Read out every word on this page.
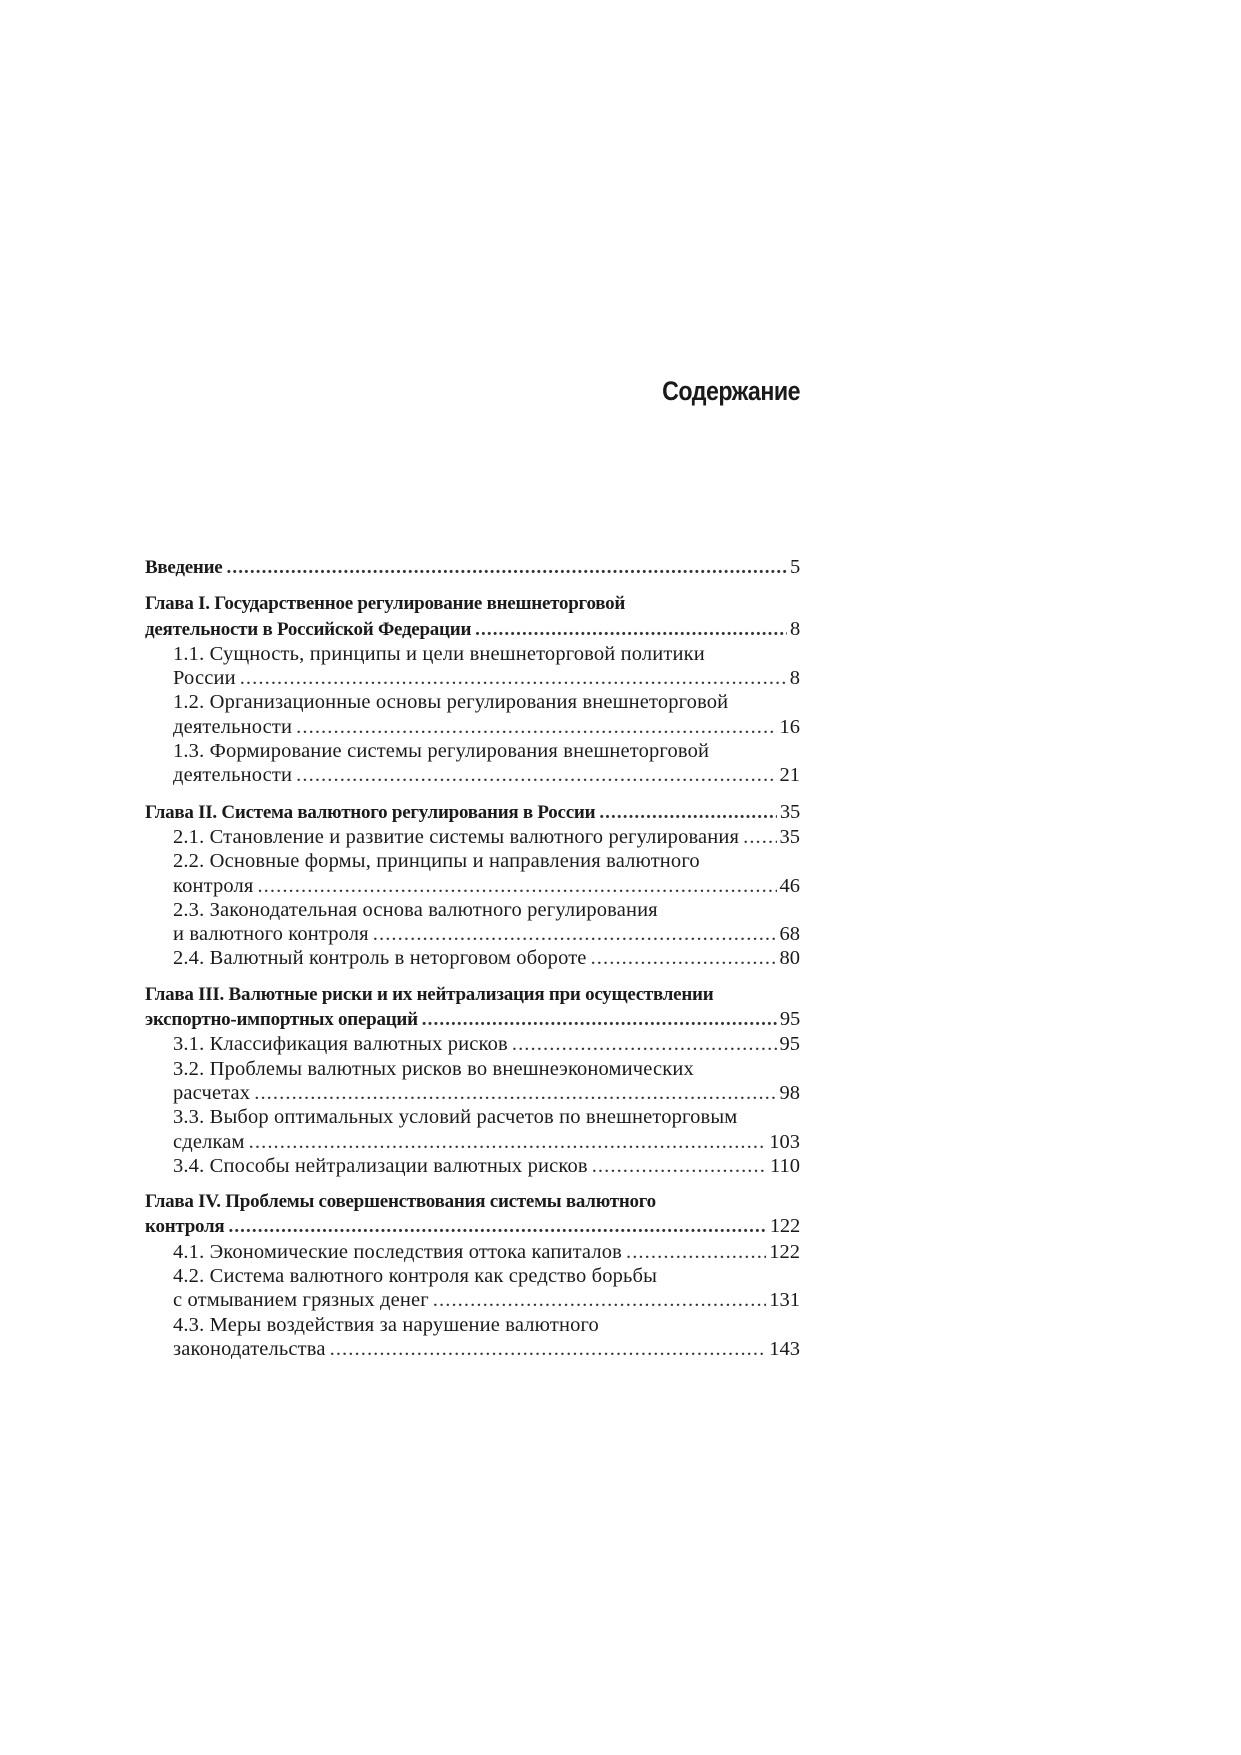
Содержание
Введение .....	5
Глава I. Государственное регулирование внешнеторговой
деятельности в Российской Федерации .....	8
1.1. Сущность, принципы и цели внешнеторговой политики
России .....	8
1.2. Организационные основы регулирования внешнеторговой
деятельности .....	16
1.3. Формирование системы регулирования внешнеторговой
деятельности .....	21
Глава II. Система валютного регулирования в России .....	35
2.1. Становление и развитие системы валютного регулирования ..... 35
2.2. Основные формы, принципы и направления валютного
контроля .....	46
2.3. Законодательная основа валютного регулирования
и валютного контроля .....	68
2.4. Валютный контроль в неторговом обороте .....	80
Глава III. Валютные риски и их нейтрализация при осуществлении
экспортно-импортных операций .....	95
3.1. Классификация валютных рисков .....	95
3.2. Проблемы валютных рисков во внешнеэкономических
расчетах .....	98
3.3. Выбор оптимальных условий расчетов по внешнеторговым
сделкам .....	103
3.4. Способы нейтрализации валютных рисков .....	110
Глава IV. Проблемы совершенствования системы валютного
контроля .....	122
4.1. Экономические последствия оттока капиталов .....	122
4.2. Система валютного контроля как средство борьбы
с отмыванием грязных денег .....	131
4.3. Меры воздействия за нарушение валютного
законодательства .....	143
